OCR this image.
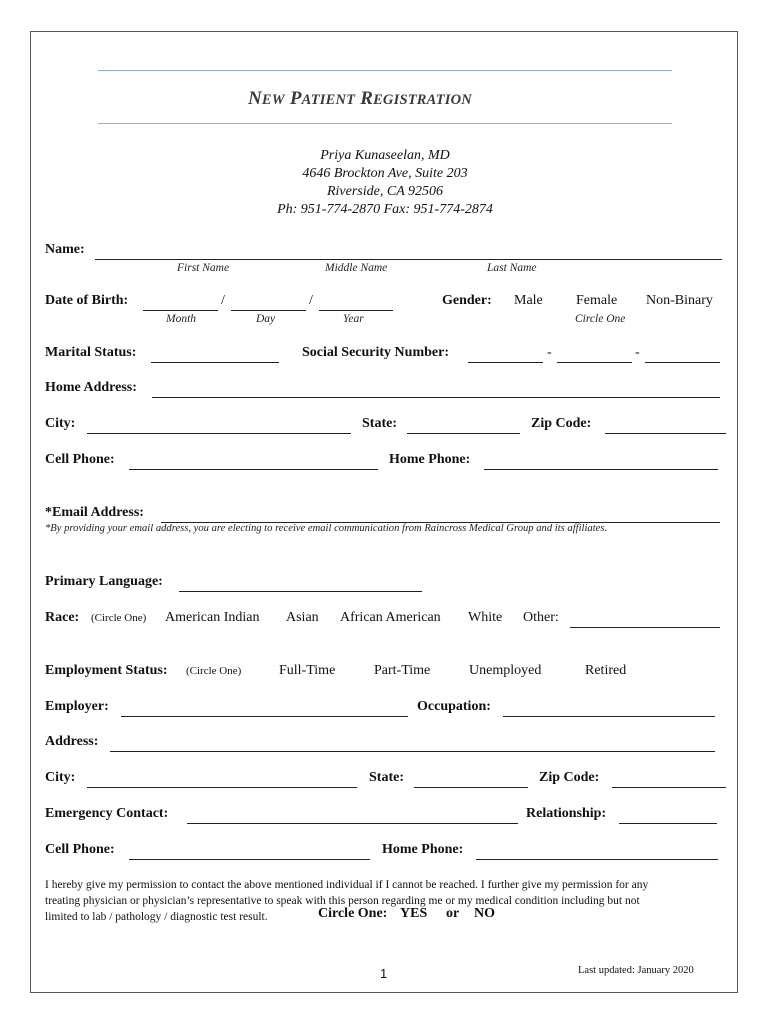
NEW PATIENT REGISTRATION
Priya Kunaseelan, MD
4646 Brockton Ave, Suite 203
Riverside, CA 92506
Ph: 951-774-2870 Fax: 951-774-2874
Name:
First Name	Middle Name	Last Name
Date of Birth:	/	/
Month	Day	Year
Gender: Male Female Non-Binary
Circle One
Marital Status:	Social Security Number:	-	-
Home Address:
City:	State:	Zip Code:
Cell Phone:	Home Phone:
*Email Address:
*By providing your email address, you are electing to receive email communication from Raincross Medical Group and its affiliates.
Primary Language:
Race: (Circle One) American Indian Asian African American White Other:
Employment Status: (Circle One)	Full-Time	Part-Time	Unemployed	Retired
Employer:	Occupation:
Address:
City:	State:	Zip Code:
Emergency Contact:	Relationship:
Cell Phone:	Home Phone:
I hereby give my permission to contact the above mentioned individual if I cannot be reached. I further give my permission for any
treating physician or physician’s representative to speak with this person regarding me or my medical condition including but not
limited to lab / pathology / diagnostic test result.	Circle One: YES or NO
1	Last updated: January 2020
